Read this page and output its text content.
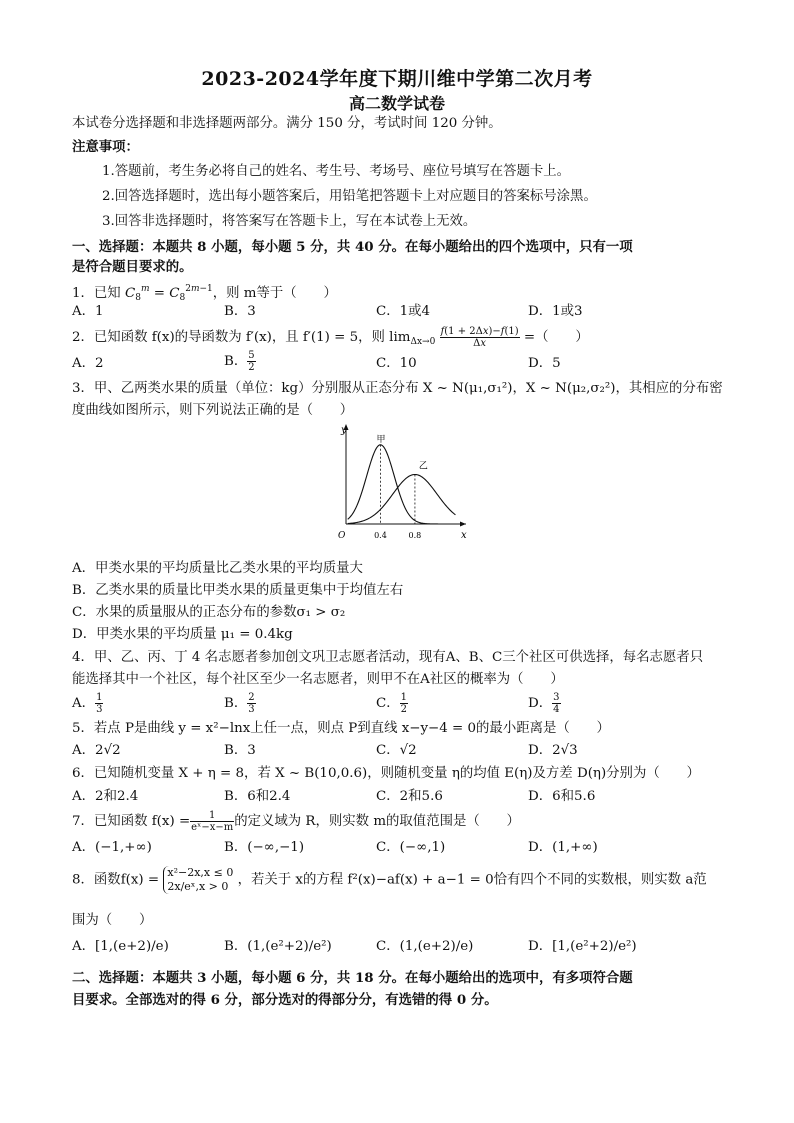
2023-2024学年度下期川维中学第二次月考
高二数学试卷
本试卷分选择题和非选择题两部分。满分 150 分，考试时间 120 分钟。
注意事项：
1.答题前，考生务必将自己的姓名、考生号、考场号、座位号填写在答题卡上。
2.回答选择题时，选出每小题答案后，用铅笔把答题卡上对应题目的答案标号涂黑。
3.回答非选择题时，将答案写在答题卡上，写在本试卷上无效。
一、选择题：本题共 8 小题，每小题 5 分，共 40 分。在每小题给出的四个选项中，只有一项
是符合题目要求的。
1．已知 $C_8^m = C_8^{2m-1}$，则 m等于（　　）
A．1	B．3	C．1或4	D．1或3
2．已知函数 f(x)的导函数为 f′(x)，且 f′(1) = 5，则 $\lim_{\Delta x\to 0} \frac{f(1 + 2\Delta x)-f(1)}{\Delta x}$ =（　　）
A．2	B． $\frac{5}{2}$	C．10	D．5
3．甲、乙两类水果的质量（单位：kg）分别服从正态分布 X ~ N(μ₁,σ₁²)，X ~ N(μ₂,σ₂²)，其相应的分布密
度曲线如图所示，则下列说法正确的是（　　）
y
x
O
甲
乙
0.4	0.8
A．甲类水果的平均质量比乙类水果的平均质量大
B．乙类水果的质量比甲类水果的质量更集中于均值左右
C．水果的质量服从的正态分布的参数σ₁ > σ₂
D．甲类水果的平均质量 μ₁ = 0.4kg
4．甲、乙、丙、丁 4 名志愿者参加创文巩卫志愿者活动，现有A、B、C三个社区可供选择，每名志愿者只
能选择其中一个社区，每个社区至少一名志愿者，则甲不在A社区的概率为（　　）
A． $\frac{1}{3}$	B． $\frac{2}{3}$	C． $\frac{1}{2}$	D． $\frac{3}{4}$
5．若点 P是曲线 y = x²−lnx上任一点，则点 P到直线 x−y−4 = 0的最小距离是（　　）
A．2√2	B．3	C．√2	D．2√3
6．已知随机变量 X + η = 8，若 X ~ B(10,0.6)，则随机变量 η的均值 E(η)及方差 D(η)分别为（　　）
A．2和2.4	B．6和2.4	C．2和5.6	D．6和5.6
7．已知函数 $f(x) = \frac{1}{\text{eˣ−x−m}}$ 的定义域为 R，则实数 m的取值范围是（　　）
A．(−1,+∞)	B．(−∞,−1)	C．(−∞,1)	D．(1,+∞)
8．函数f(x) = x²−2x,x ≤ 0
2x/eˣ,x > 0 ，若关于 x的方程 f²(x)−af(x) + a−1 = 0恰有四个不同的实数根，则实数 a范
围为（　　）
A．[1,(e+2)/e)	B．(1,(e²+2)/e²)	C．(1,(e+2)/e)	D．[1,(e²+2)/e²)
二、选择题：本题共 3 小题，每小题 6 分，共 18 分。在每小题给出的选项中，有多项符合题
目要求。全部选对的得 6 分，部分选对的得部分分，有选错的得 0 分。
